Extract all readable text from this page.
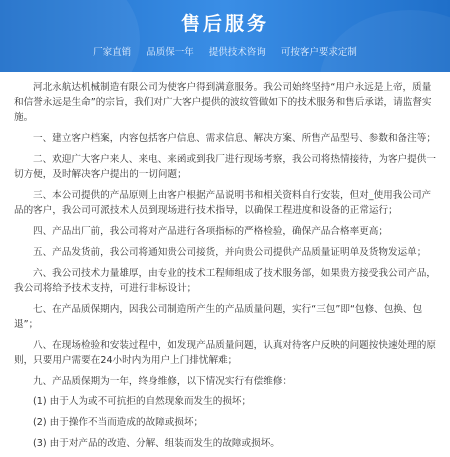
售后服务
厂家直销 品质保一年 提供技术咨询 可按客户要求定制

河北永航达机械制造有限公司为使客户得到满意服务。我公司始终坚持“用户永远是上帝，质量和信誉永远是生命”的宗旨，我们对广大客户提供的波纹管做如下的技术服务和售后承诺，请监督实施。

一、建立客户档案，内容包括客户信息、需求信息、解决方案、所售产品型号、参数和备注等；

二、欢迎广大客户来人、来电、来函或到我厂进行现场考察，我公司将热情接待，为客户提供一切方便，及时解决客户提出的一切问题；

三、本公司提供的产品原则上由客户根据产品说明书和相关资料自行安装，但对_使用我公司产品的客户，我公司可派技术人员到现场进行技术指导，以确保工程进度和设备的正常运行；

四、产品出厂前，我公司将对产品进行各项指标的严格检验，确保产品合格率更高；

五、产品发货前，我公司将通知贵公司接货，并向贵公司提供产品质量证明单及货物发运单；

六、我公司技术力量雄厚，由专业的技术工程师组成了技术服务部，如果贵方接受我公司产品，我公司将给予技术支持，可进行非标设计；

七、在产品质保期内，因我公司制造所产生的产品质量问题，实行“三包”即“包修、包换、包退”；

八、在现场检验和安装过程中，如发现产品质量问题，认真对待客户反映的问题按快速处理的原则，只要用户需要在24小时内为用户上门排忧解难；

九、产品质保期为一年，终身维修，以下情况实行有偿维修：

(1) 由于人为或不可抗拒的自然现象而发生的损坏；

(2) 由于操作不当而造成的故障或损坏；

(3) 由于对产品的改造、分解、组装而发生的故障或损坏。
